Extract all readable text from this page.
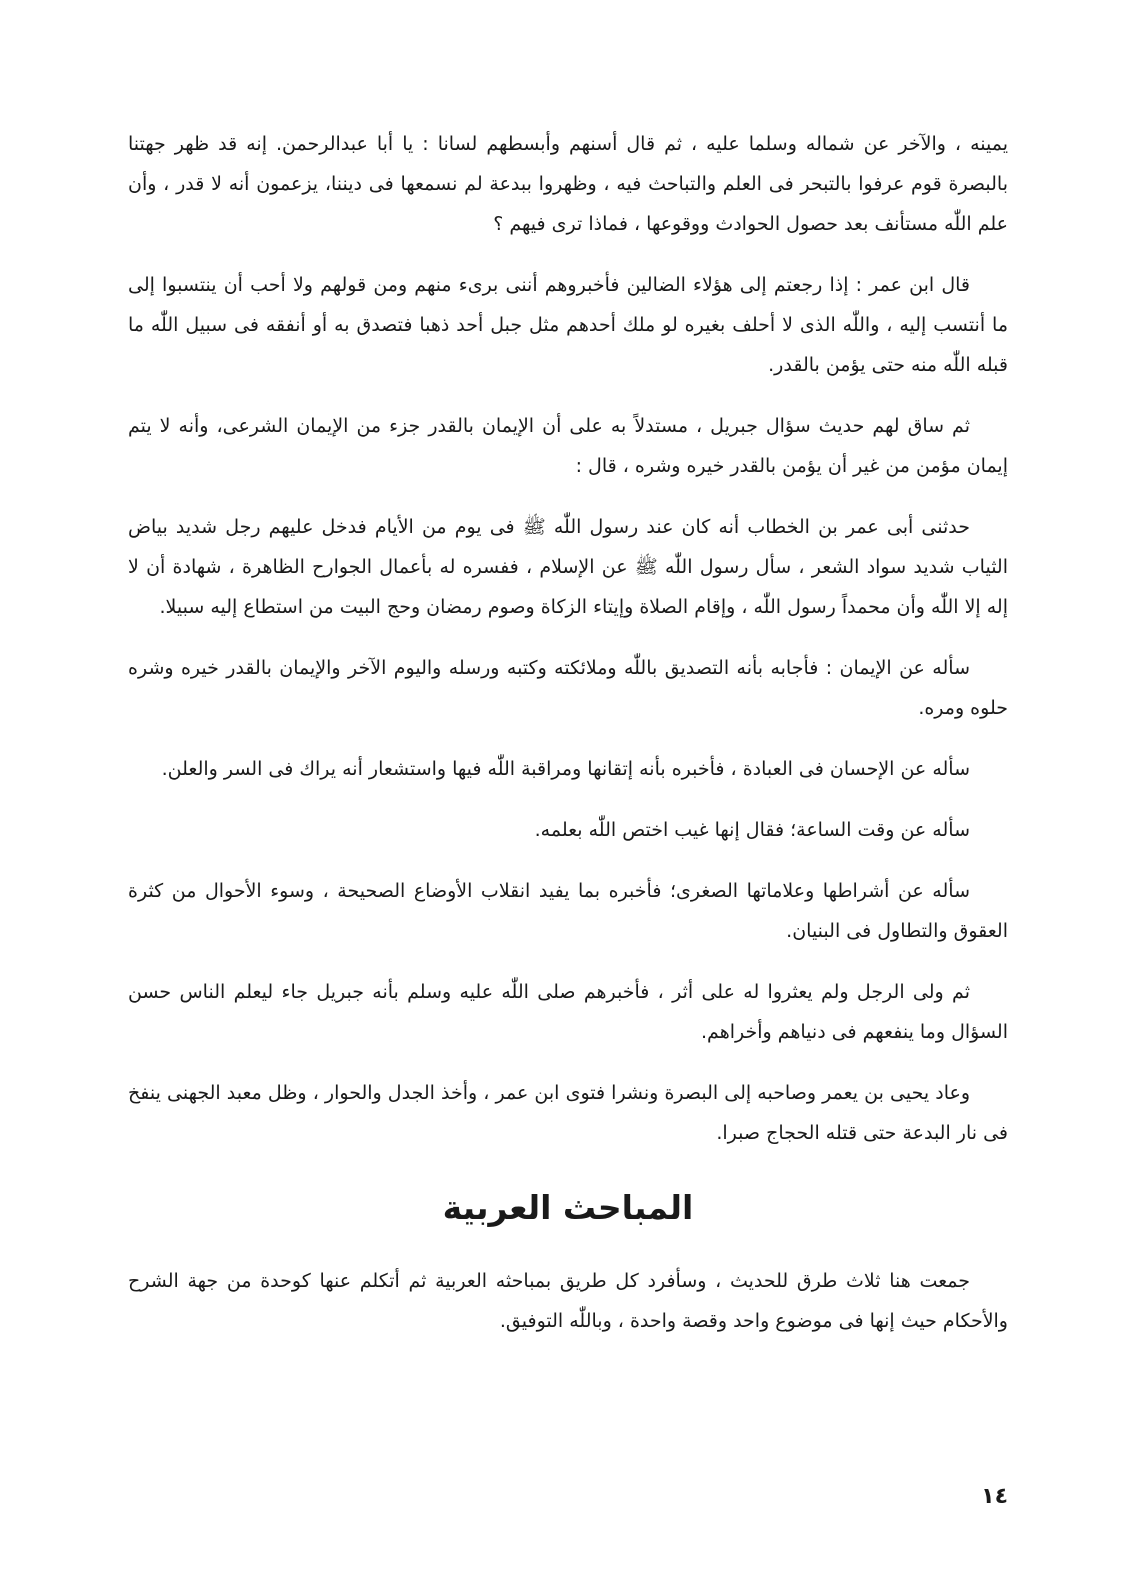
يمينه ، والآخر عن شماله وسلما عليه ، ثم قال أسنهم وأبسطهم لسانا : يا أبا عبدالرحمن. إنه قد ظهر جهتنا بالبصرة قوم عرفوا بالتبحر فى العلم والتباحث فيه ، وظهروا ببدعة لم نسمعها فى ديننا، يزعمون أنه لا قدر ، وأن علم اللّٰه مستأنف بعد حصول الحوادث ووقوعها ، فماذا ترى فيهم ؟

قال ابن عمر : إذا رجعتم إلى هؤلاء الضالين فأخبروهم أننى برىء منهم ومن قولهم ولا أحب أن ينتسبوا إلى ما أنتسب إليه ، واللّٰه الذى لا أحلف بغيره لو ملك أحدهم مثل جبل أحد ذهبا فتصدق به أو أنفقه فى سبيل اللّٰه ما قبله اللّٰه منه حتى يؤمن بالقدر.

ثم ساق لهم حديث سؤال جبريل ، مستدلاً به على أن الإيمان بالقدر جزء من الإيمان الشرعى، وأنه لا يتم إيمان مؤمن من غير أن يؤمن بالقدر خيره وشره ، قال :

حدثنى أبى عمر بن الخطاب أنه كان عند رسول اللّٰه ﷺ فى يوم من الأيام فدخل عليهم رجل شديد بياض الثياب شديد سواد الشعر ، سأل رسول اللّٰه ﷺ عن الإسلام ، ففسره له بأعمال الجوارح الظاهرة ، شهادة أن لا إله إلا اللّٰه وأن محمداً رسول اللّٰه ، وإقام الصلاة وإيتاء الزكاة وصوم رمضان وحج البيت من استطاع إليه سبيلا.

سأله عن الإيمان : فأجابه بأنه التصديق باللّٰه وملائكته وكتبه ورسله واليوم الآخر والإيمان بالقدر خيره وشره حلوه ومره.

سأله عن الإحسان فى العبادة ، فأخبره بأنه إتقانها ومراقبة اللّٰه فيها واستشعار أنه يراك فى السر والعلن.

سأله عن وقت الساعة؛ فقال إنها غيب اختص اللّٰه بعلمه.

سأله عن أشراطها وعلاماتها الصغرى؛ فأخبره بما يفيد انقلاب الأوضاع الصحيحة ، وسوء الأحوال من كثرة العقوق والتطاول فى البنيان.

ثم ولى الرجل ولم يعثروا له على أثر ، فأخبرهم صلى اللّٰه عليه وسلم بأنه جبريل جاء ليعلم الناس حسن السؤال وما ينفعهم فى دنياهم وأخراهم.

وعاد يحيى بن يعمر وصاحبه إلى البصرة ونشرا فتوى ابن عمر ، وأخذ الجدل والحوار ، وظل معبد الجهنى ينفخ فى نار البدعة حتى قتله الحجاج صبرا.

المباحث العربية

جمعت هنا ثلاث طرق للحديث ، وسأفرد كل طريق بمباحثه العربية ثم أتكلم عنها كوحدة من جهة الشرح والأحكام حيث إنها فى موضوع واحد وقصة واحدة ، وباللّٰه التوفيق.

١٤
